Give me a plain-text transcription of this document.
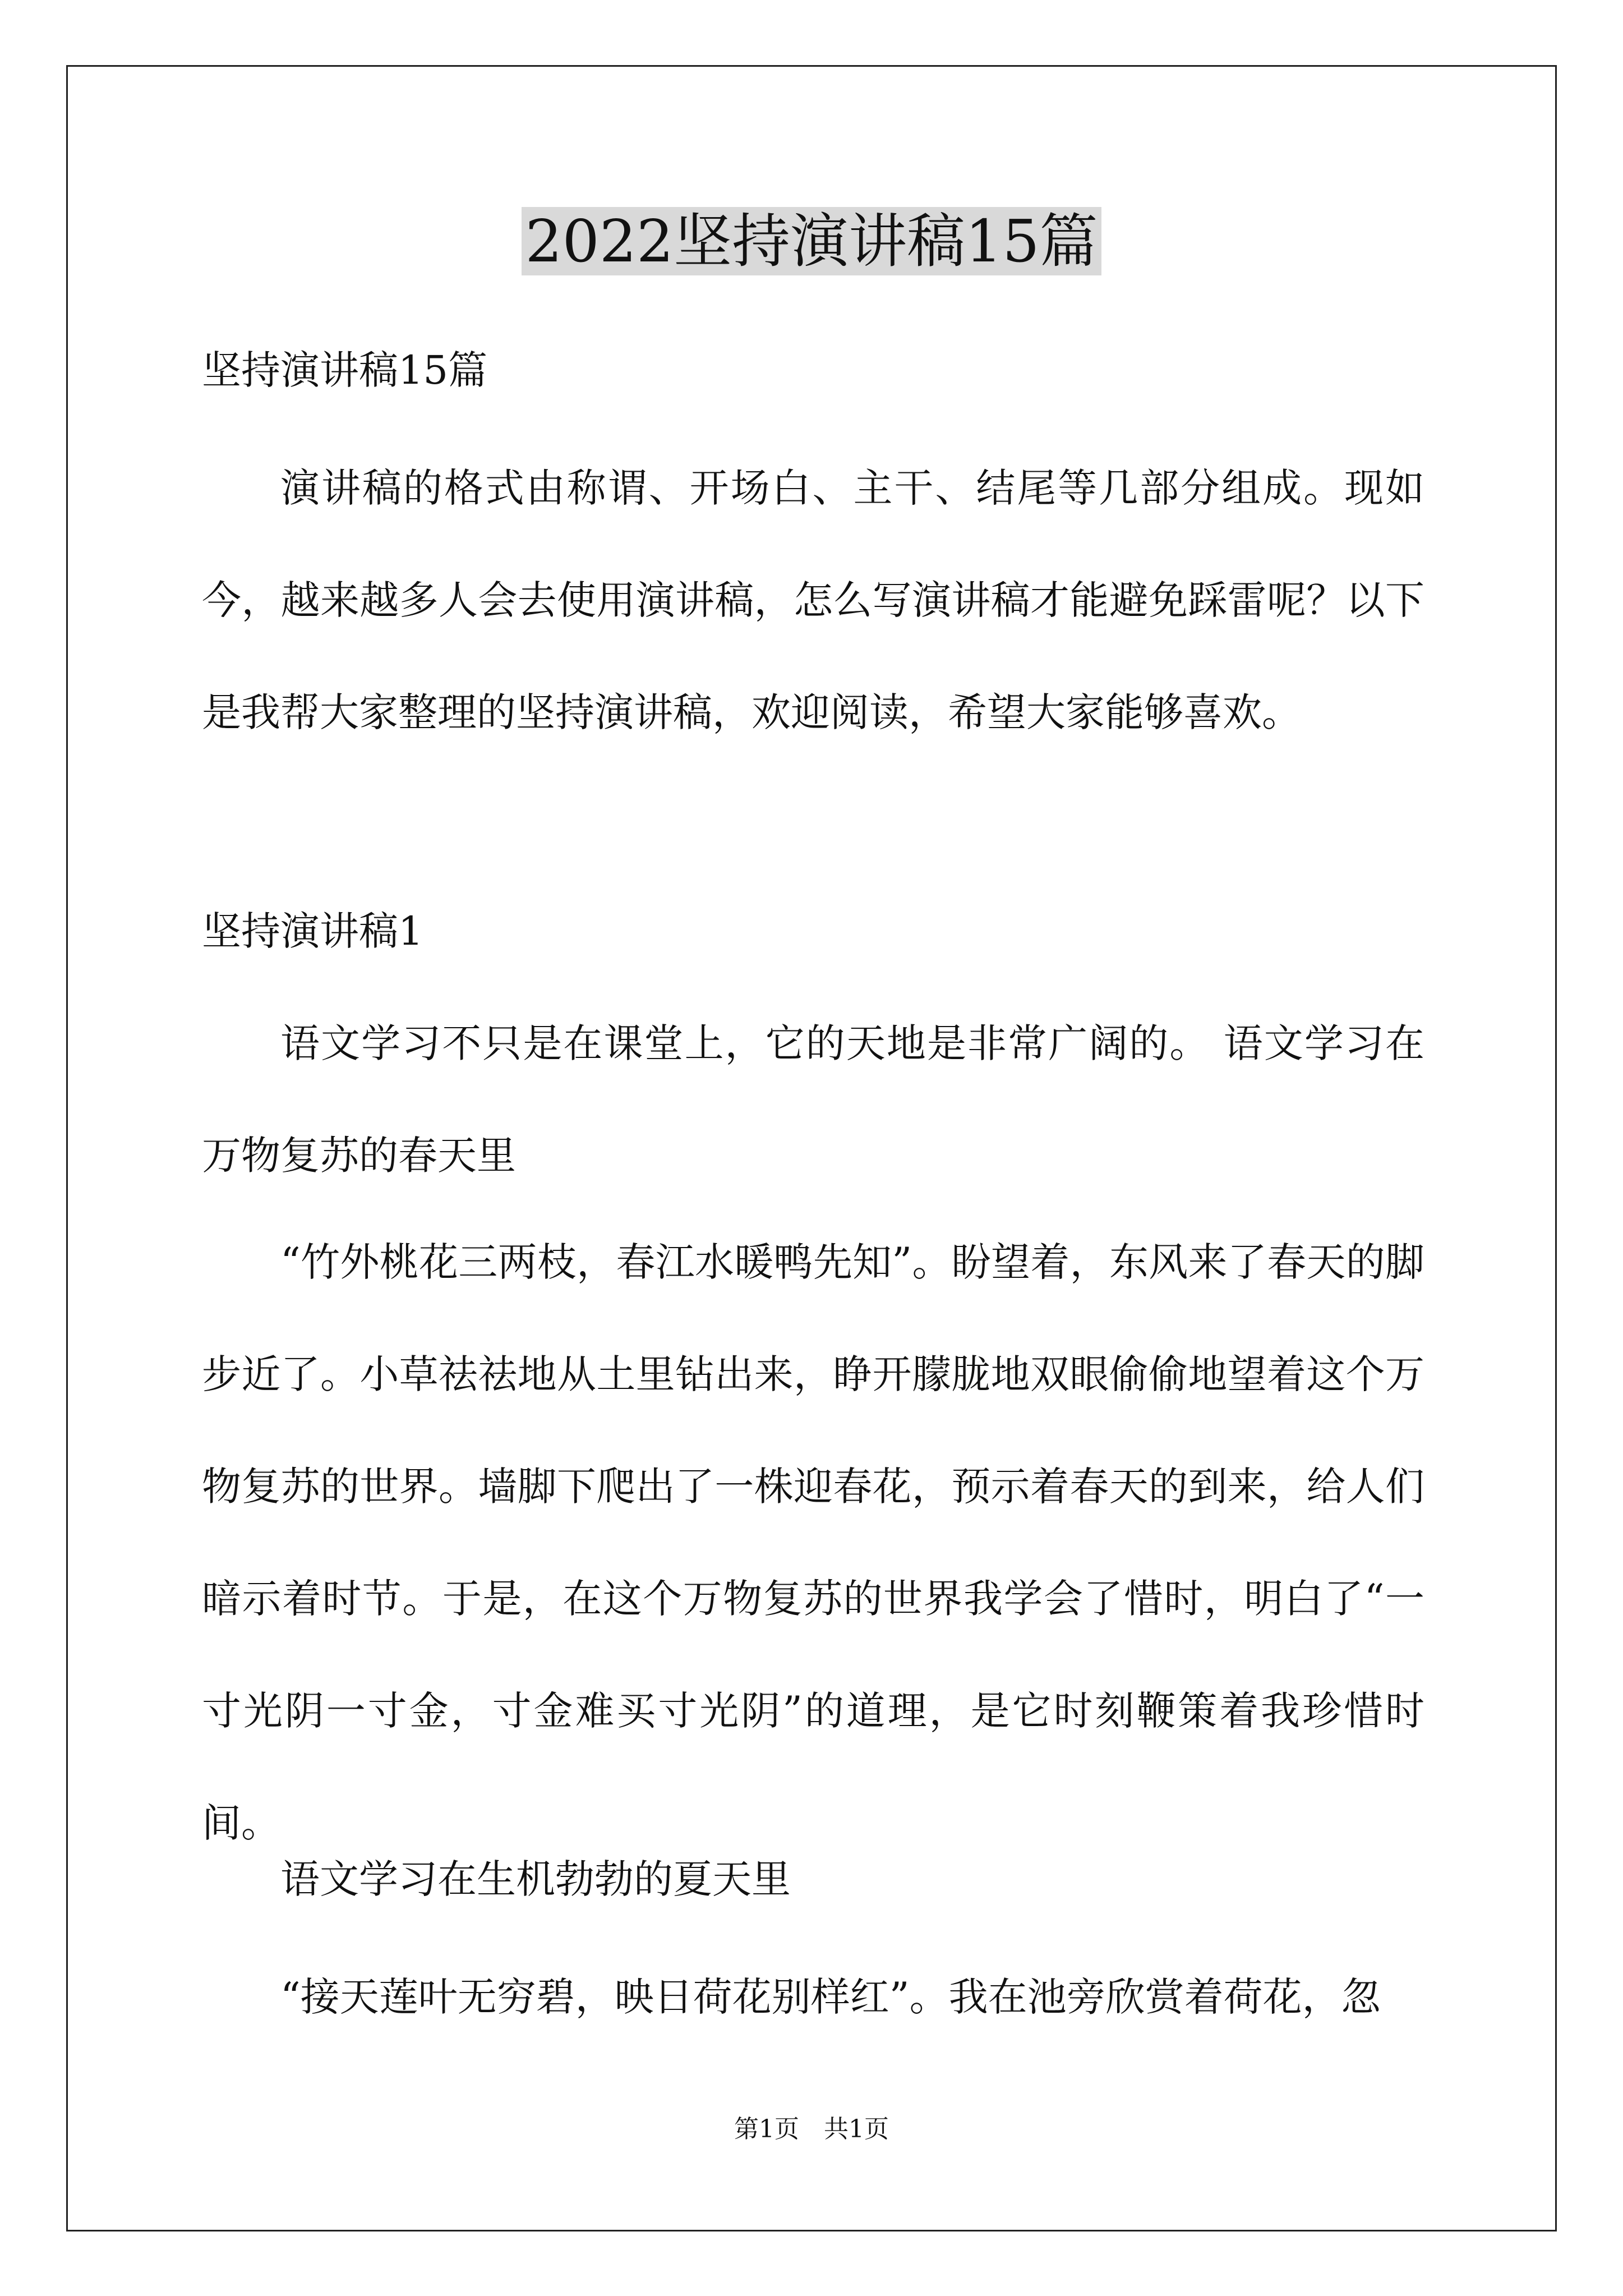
2022坚持演讲稿15篇

坚持演讲稿15篇

演讲稿的格式由称谓、开场白、主干、结尾等几部分组成。现如今，越来越多人会去使用演讲稿，怎么写演讲稿才能避免踩雷呢？以下是我帮大家整理的坚持演讲稿，欢迎阅读，希望大家能够喜欢。

坚持演讲稿1

语文学习不只是在课堂上，它的天地是非常广阔的。 语文学习在万物复苏的春天里

“竹外桃花三两枝，春江水暖鸭先知”。盼望着，东风来了春天的脚步近了。小草祛祛地从土里钻出来，睁开朦胧地双眼偷偷地望着这个万物复苏的世界。墙脚下爬出了一株迎春花，预示着春天的到来，给人们暗示着时节。于是，在这个万物复苏的世界我学会了惜时，明白了“一寸光阴一寸金，寸金难买寸光阴”的道理，是它时刻鞭策着我珍惜时间。

语文学习在生机勃勃的夏天里

“接天莲叶无穷碧，映日荷花别样红”。我在池旁欣赏着荷花，忽

第1页　共1页
